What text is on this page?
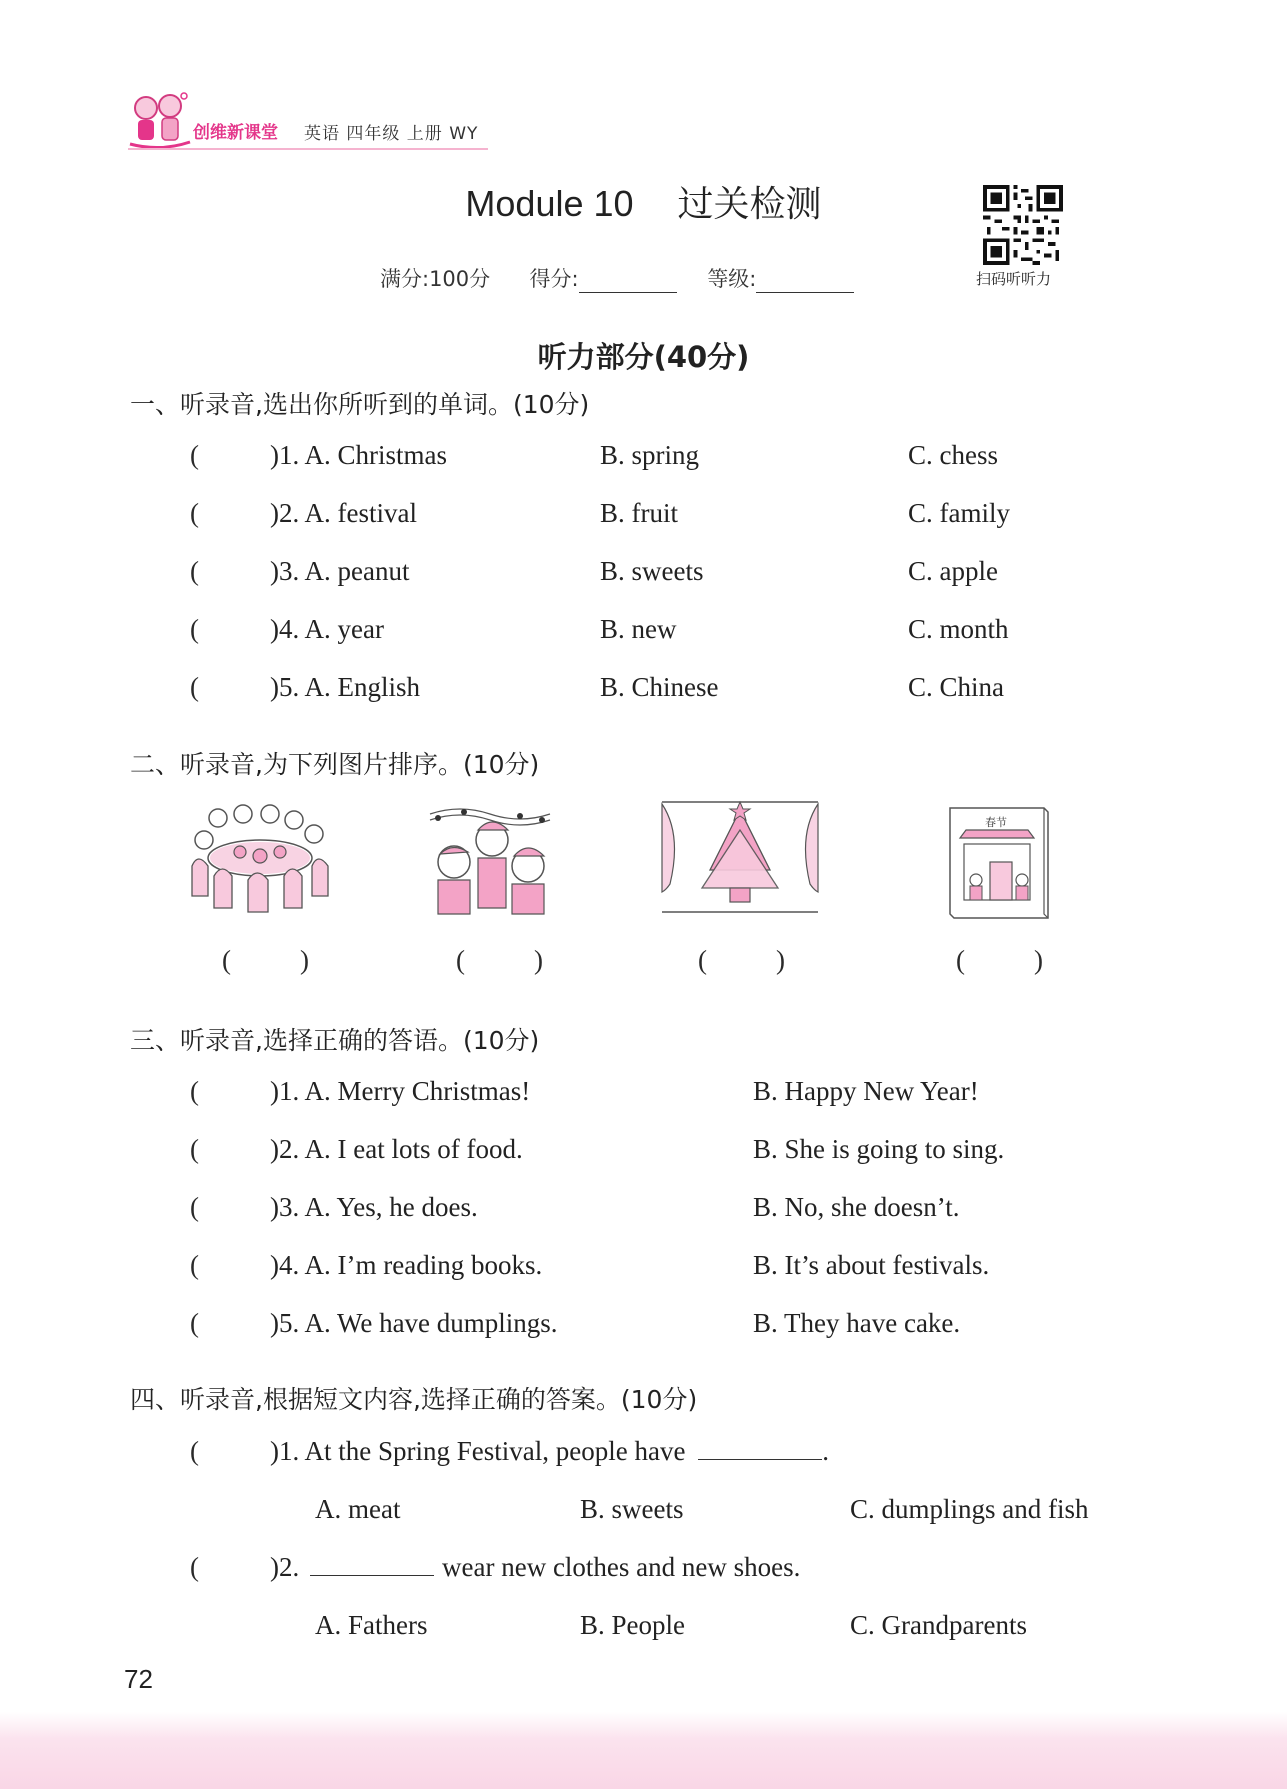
创维新课堂 英语 四年级 上册 WY
Module 10 过关检测
满分:100分 得分:	等级:	扫码听听力
听力部分(40分)
一、听录音,选出你所听到的单词。(10分)
(	)1. A. Christmas	B. spring	C. chess
(	)2. A. festival	B. fruit	C. family
(	)3. A. peanut	B. sweets	C. apple
(	)4. A. year	B. new	C. month
(	)5. A. English	B. Chinese	C. China
二、听录音,为下列图片排序。(10分)
(	)	(	)	(	)
春节
(	)
三、听录音,选择正确的答语。(10分)
(	)1. A. Merry Christmas!	B. Happy New Year!
(	)2. A. I eat lots of food.	B. She is going to sing.
(	)3. A. Yes, he does.	B. No, she doesn’t.
(	)4. A. I’m reading books.	B. It’s about festivals.
(	)5. A. We have dumplings.	B. They have cake.
四、听录音,根据短文内容,选择正确的答案。(10分)
(	)1. At the Spring Festival, people have	.
A. meat	B. sweets	C. dumplings and fish
(	)2.	wear new clothes and new shoes.
A. Fathers	B. People	C. Grandparents
72
